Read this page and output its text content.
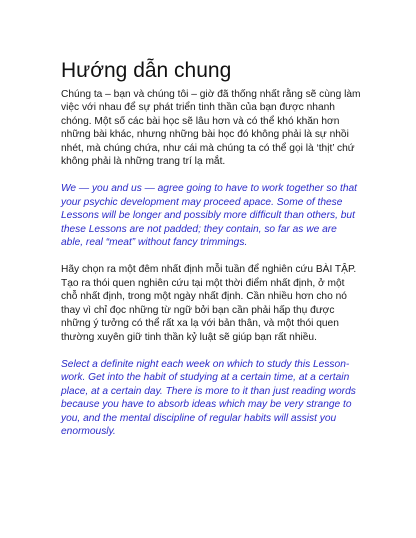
Hướng dẫn chung

Chúng ta – bạn và chúng tôi – giờ đã thống nhất rằng sẽ cùng làm việc với nhau để sự phát triển tinh thần của bạn được nhanh chóng. Một số các bài học sẽ lâu hơn và có thể khó khăn hơn những bài khác, nhưng những bài học đó không phải là sự nhồi nhét, mà chúng chứa, như cái mà chúng ta có thể gọi là ‘thịt’ chứ không phải là những trang trí lạ mắt.

We — you and us — agree going to have to work together so that your psychic development may proceed apace. Some of these Lessons will be longer and possibly more difficult than others, but these Lessons are not padded; they contain, so far as we are able, real “meat” without fancy trimmings.

Hãy chọn ra một đêm nhất định mỗi tuần để nghiên cứu BÀI TẬP. Tạo ra thói quen nghiên cứu tại một thời điểm nhất định, ở một chỗ nhất định, trong một ngày nhất định. Cần nhiều hơn cho nó thay vì chỉ đọc những từ ngữ bởi bạn cần phải hấp thụ được những ý tưởng có thể rất xa lạ với bản thân, và một thói quen thường xuyên giữ tinh thần kỷ luật sẽ giúp bạn rất nhiều.

Select a definite night each week on which to study this Lesson-work. Get into the habit of studying at a certain time, at a certain place, at a certain day. There is more to it than just reading words because you have to absorb ideas which may be very strange to you, and the mental discipline of regular habits will assist you enormously.
